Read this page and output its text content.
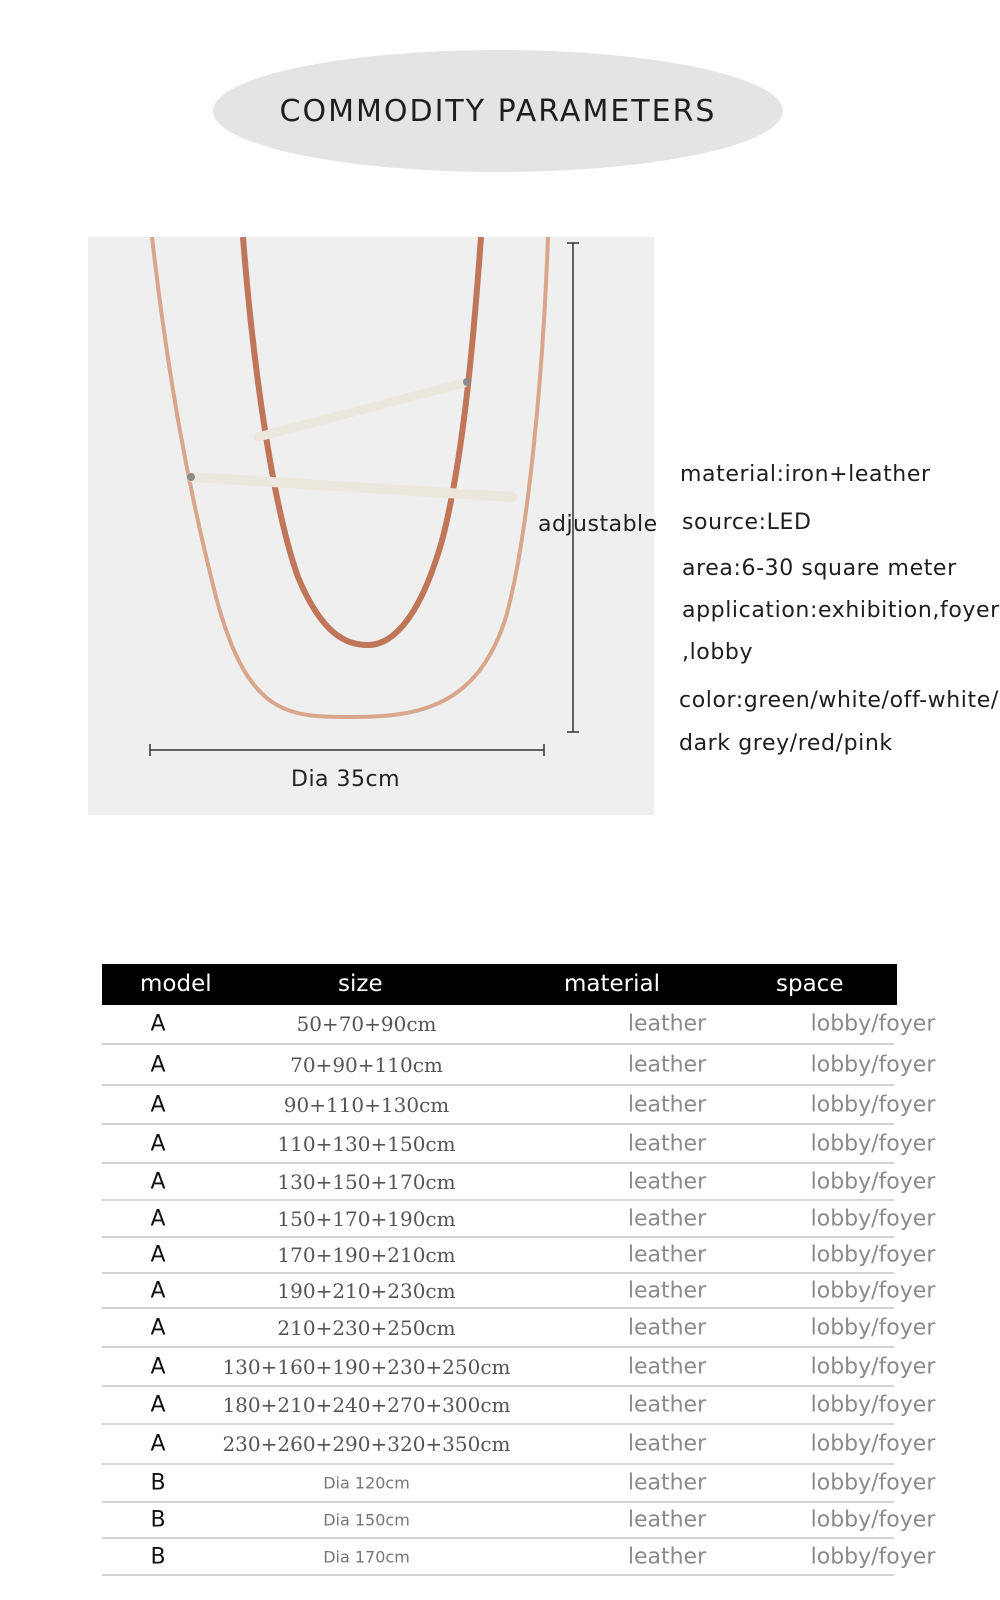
COMMODITY PARAMETERS
adjustable
Dia 35cm
material:iron+leather
source:LED
area:6-30 square meter
application:exhibition,foyer
,lobby
color:green/white/off-white/
dark grey/red/pink
model	size	material	space
A	50+70+90cm	leather	lobby/foyer
A	70+90+110cm	leather	lobby/foyer
A	90+110+130cm	leather	lobby/foyer
A	110+130+150cm	leather	lobby/foyer
A	130+150+170cm	leather	lobby/foyer
A	150+170+190cm	leather	lobby/foyer
A	170+190+210cm	leather	lobby/foyer
A	190+210+230cm	leather	lobby/foyer
A	210+230+250cm	leather	lobby/foyer
A	130+160+190+230+250cm	leather	lobby/foyer
A	180+210+240+270+300cm	leather	lobby/foyer
A	230+260+290+320+350cm	leather	lobby/foyer
B	Dia 120cm	leather	lobby/foyer
B	Dia 150cm	leather	lobby/foyer
B	Dia 170cm	leather	lobby/foyer
